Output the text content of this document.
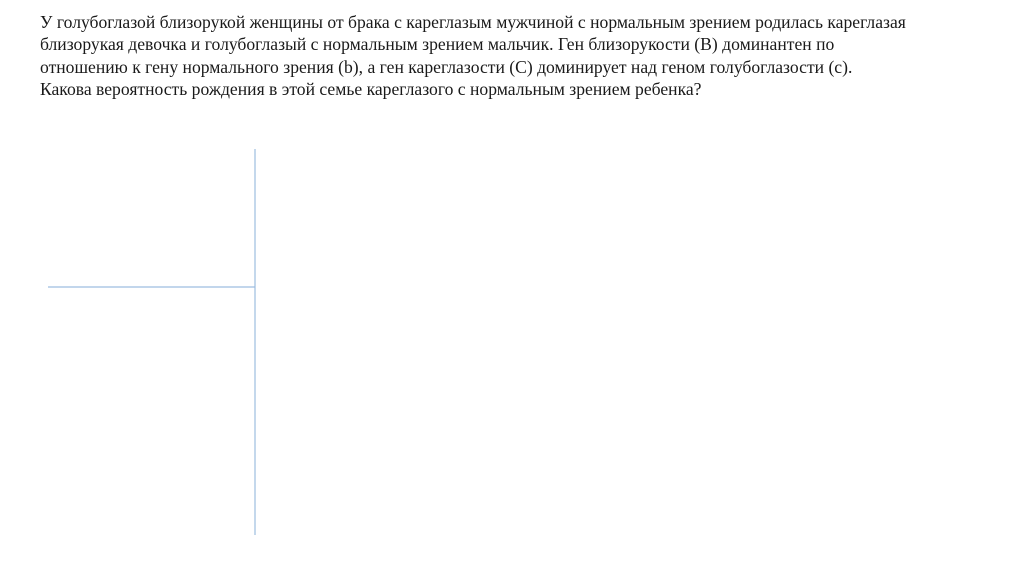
У голубоглазой близорукой женщины от брака с кареглазым мужчиной с нормальным зрением родилась кареглазая
близорукая девочка и голубоглазый с нормальным зрением мальчик. Ген близорукости (В) доминантен по
отношению к гену нормального зрения (b), а ген кареглазости (С) доминирует над геном голубоглазости (с).
Какова вероятность рождения в этой семье кареглазого с нормальным зрением ребенка?
